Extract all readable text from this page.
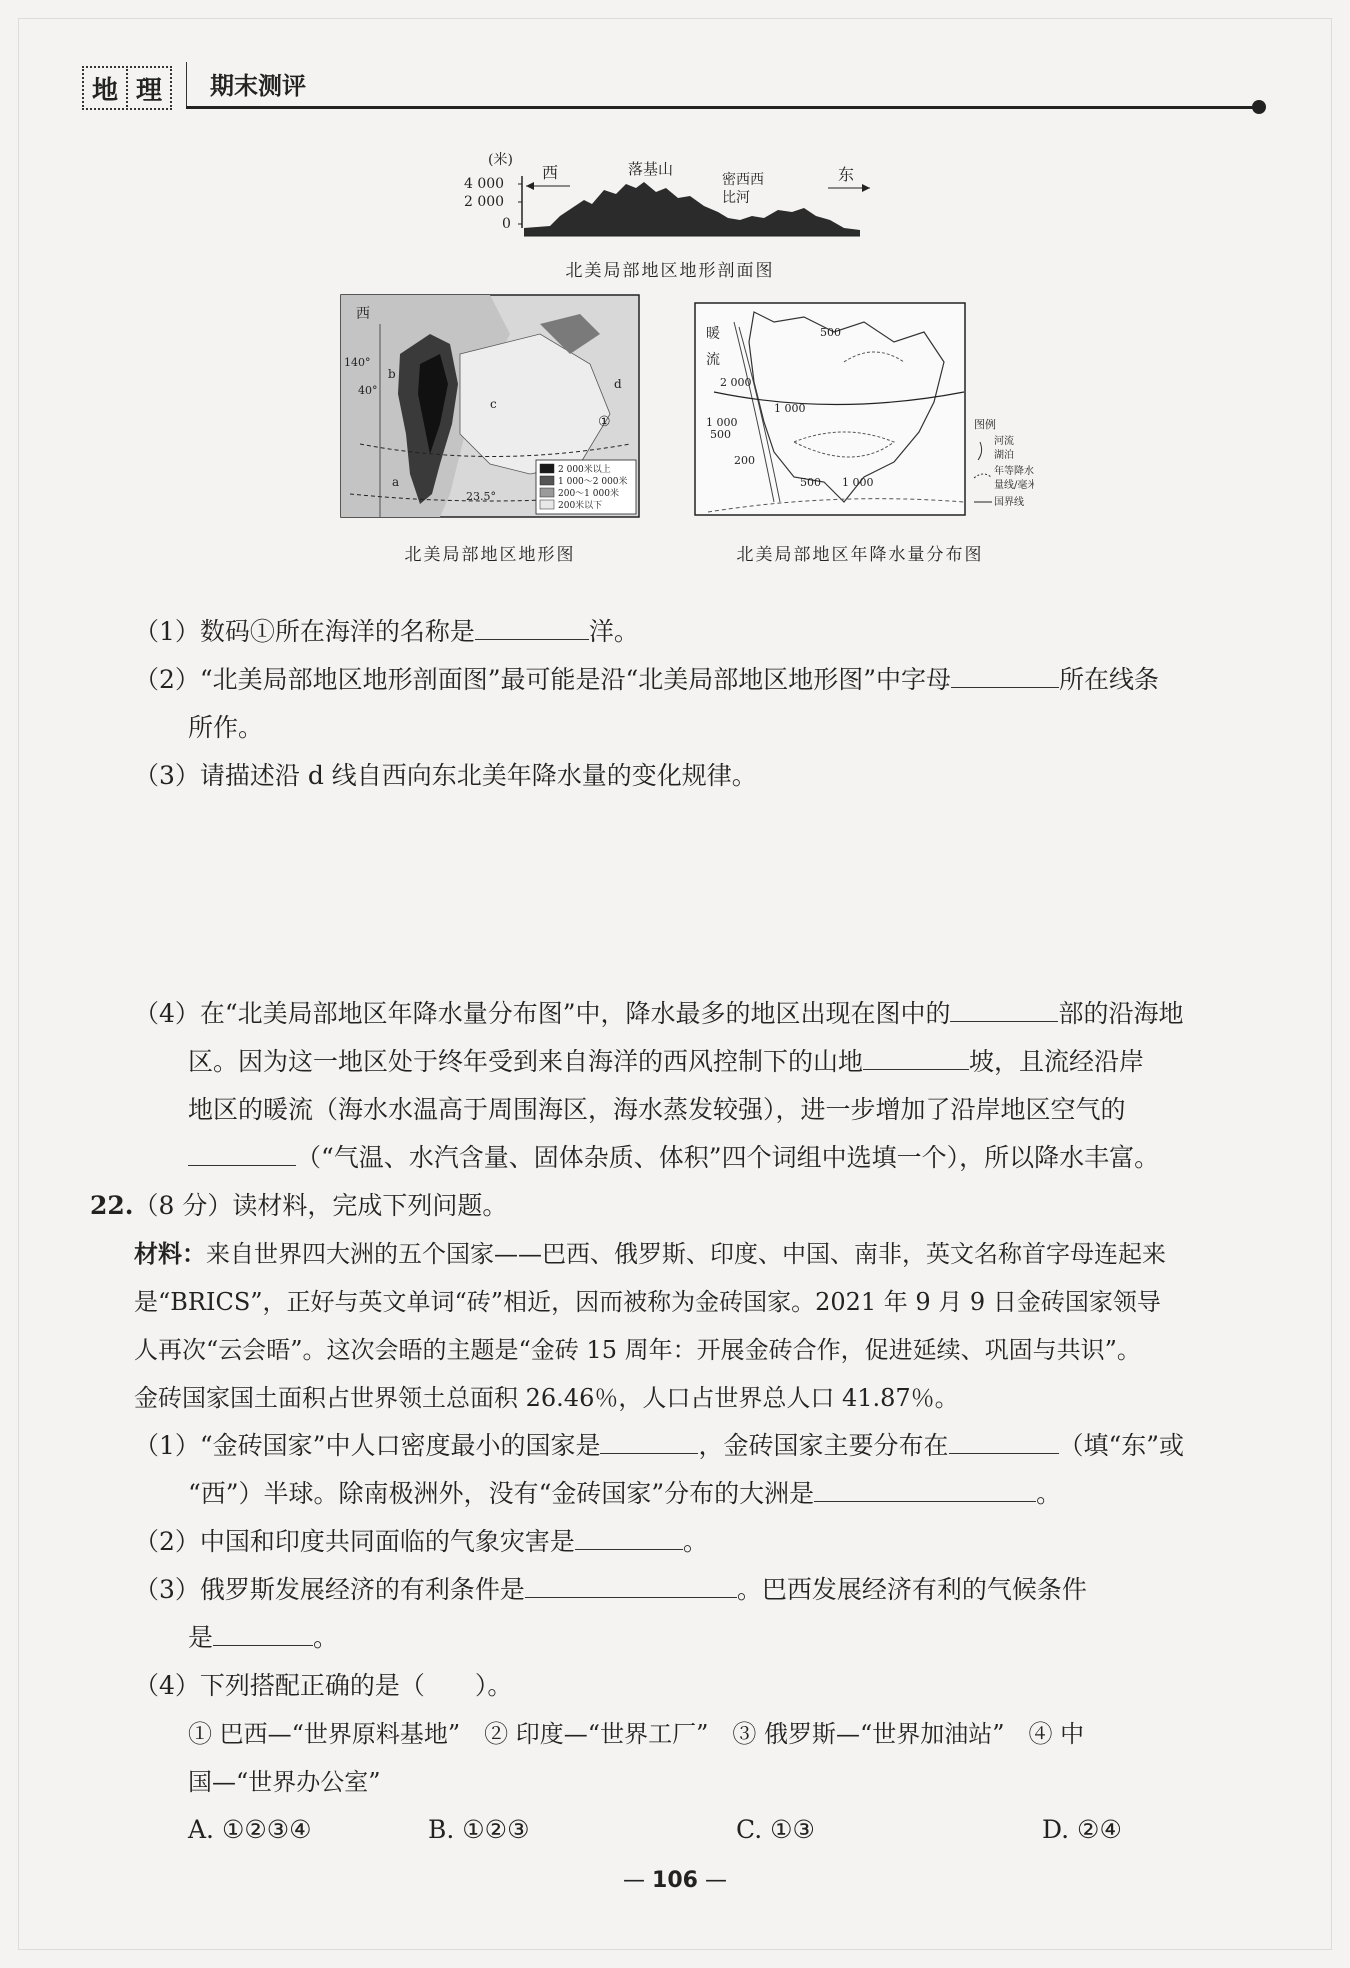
地 理	期末测评
(米)
4 000
2 000
0
西	落基山
密西西
比河
东
北美局部地区地形剖面图
西
140°
40°
a
b
c
d
①
23.5°
2 000米以上
1 000～2 000米
200～1 000米
200米以下
北美局部地区地形图
暖
流
500
2 000
1 000
1 000
500
200
500 1 000
图例
河流
湖泊
年等降水
量线/毫米
国界线
北美局部地区年降水量分布图
（1）数码①所在海洋的名称是	洋。
（2）“北美局部地区地形剖面图”最可能是沿“北美局部地区地形图”中字母	所在线条
所作。
（3）请描述沿 d 线自西向东北美年降水量的变化规律。
（4）在“北美局部地区年降水量分布图”中，降水最多的地区出现在图中的	部的沿海地
区。因为这一地区处于终年受到来自海洋的西风控制下的山地	坡，且流经沿岸
地区的暖流（海水水温高于周围海区，海水蒸发较强），进一步增加了沿岸地区空气的
（“气温、水汽含量、固体杂质、体积”四个词组中选填一个），所以降水丰富。
22.（8 分）读材料，完成下列问题。
材料：来自世界四大洲的五个国家——巴西、俄罗斯、印度、中国、南非，英文名称首字母连起来
是“BRICS”，正好与英文单词“砖”相近，因而被称为金砖国家。2021 年 9 月 9 日金砖国家领导
人再次“云会晤”。这次会晤的主题是“金砖 15 周年：开展金砖合作，促进延续、巩固与共识”。
金砖国家国土面积占世界领土总面积 26.46％，人口占世界总人口 41.87％。
（1）“金砖国家”中人口密度最小的国家是	，金砖国家主要分布在	（填“东”或
“西”）半球。除南极洲外，没有“金砖国家”分布的大洲是	。
（2）中国和印度共同面临的气象灾害是	。
（3）俄罗斯发展经济的有利条件是	。巴西发展经济有利的气候条件
是	。
（4）下列搭配正确的是（　　）。
① 巴西—“世界原料基地”　② 印度—“世界工厂”　③ 俄罗斯—“世界加油站”　④ 中
国—“世界办公室”
A. ①②③④	B. ①②③	C. ①③	D. ②④
— 106 —
